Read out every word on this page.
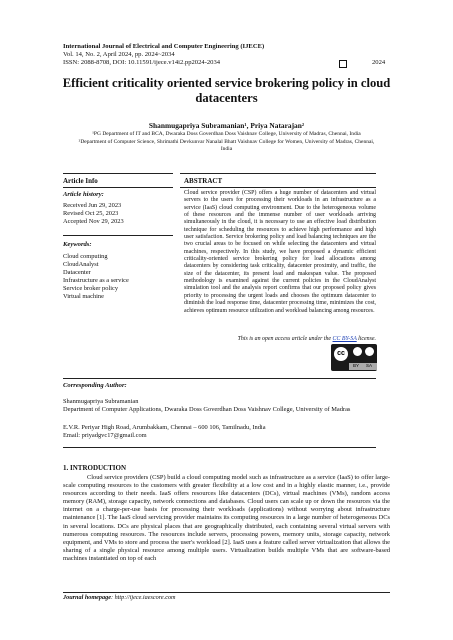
International Journal of Electrical and Computer Engineering (IJECE)
Vol. 14, No. 2, April 2024, pp. 2024~2034
ISSN: 2088-8708, DOI: 10.11591/ijece.v14i2.pp2024-2034	2024
Efficient criticality oriented service brokering policy in cloud datacenters
Shanmugapriya Subramanian¹, Priya Natarajan²
¹PG Department of IT and BCA, Dwaraka Doss Goverdhan Doss Vaishnav College, University of Madras, Chennai, India
²Department of Computer Science, Shrimathi Devkunvar Nanalal Bhatt Vaishnav College for Women, University of Madras, Chennai, India
Article Info	ABSTRACT
Article history:
Received Jun 29, 2023
Revised Oct 25, 2023
Accepted Nov 29, 2023
Keywords:
Cloud computing
CloudAnalyst
Datacenter
Infrastructure as a service
Service broker policy
Virtual machine
Cloud service provider (CSP) offers a huge number of datacenters and virtual servers to the users for processing their workloads in an infrastructure as a service (IaaS) cloud computing environment. Due to the heterogeneous volume of these resources and the immense number of user workloads arriving simultaneously in the cloud, it is necessary to use an effective load distribution technique for scheduling the resources to achieve high performance and high user satisfaction. Service brokering policy and load balancing techniques are the two crucial areas to be focused on while selecting the datacenters and virtual machines, respectively. In this study, we have proposed a dynamic efficient criticality-oriented service brokering policy for load allocations among datacenters by considering task criticality, datacenter proximity, and traffic, the size of the datacenter, its present load and makespan value. The proposed methodology is examined against the current policies in the CloudAnalyst simulation tool and the analysis report confirms that our proposed policy gives priority to processing the urgent loads and chooses the optimum datacenter to diminish the load response time, datacenter processing time, minimizes the cost, achieves optimum resource utilization and workload balancing among resources.
This is an open access article under the CC BY-SA license.
cc
BY SA
Corresponding Author:
Shanmugapriya Subramanian
Department of Computer Applications, Dwaraka Doss Goverdhan Doss Vaishnav College, University of Madras
E.V.R. Periyar High Road, Arumbakkam, Chennai – 600 106, Tamilnadu, India
Email: priyadgvc17@gmail.com
1. INTRODUCTION
Cloud service providers (CSP) build a cloud computing model such as infrastructure as a service (IaaS) to offer large-scale computing resources to the customers with greater flexibility at a low cost and in a highly elastic manner, i.e., provide resources according to their needs. IaaS offers resources like datacenters (DCs), virtual machines (VMs), random access memory (RAM), storage capacity, network connections and databases. Cloud users can scale up or down the resources via the internet on a charge-per-use basis for processing their workloads (applications) without worrying about infrastructure maintenance [1]. The IaaS cloud servicing provider maintains its computing resources in a large number of heterogeneous DCs in several locations. DCs are physical places that are geographically distributed, each containing several virtual servers with numerous computing resources. The resources include servers, processing powers, memory units, storage capacity, network equipment, and VMs to store and process the user's workload [2]. IaaS uses a feature called server virtualization that allows the sharing of a single physical resource among multiple users. Virtualization builds multiple VMs that are software-based machines instantiated on top of each
Journal homepage: http://ijece.iaescore.com
